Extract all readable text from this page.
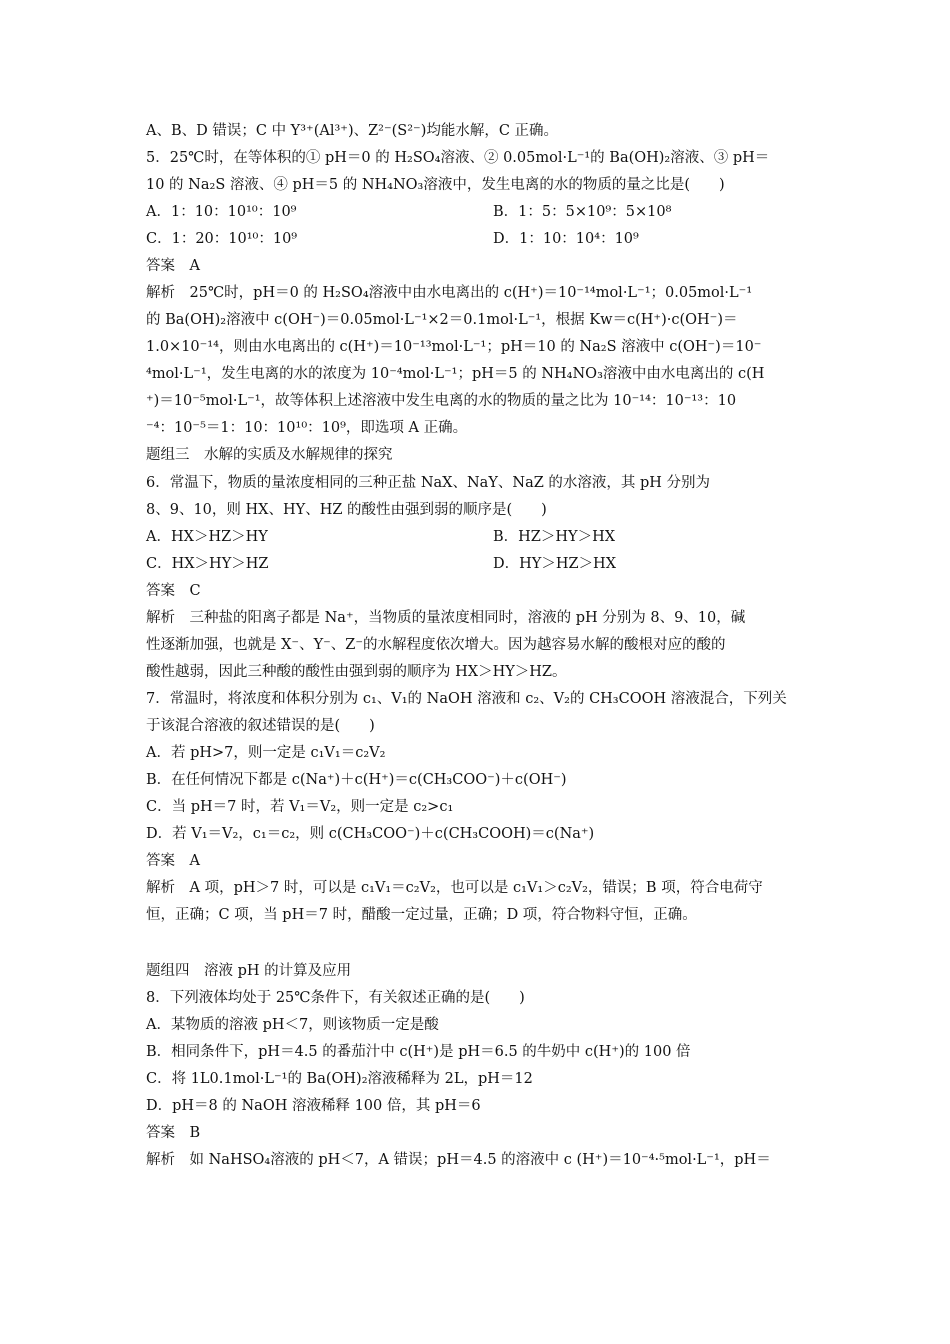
A、B、D 错误；C 中 Y³⁺(Al³⁺)、Z²⁻(S²⁻)均能水解，C 正确。
5．25℃时，在等体积的① pH＝0 的 H₂SO₄溶液、② 0.05mol·L⁻¹的 Ba(OH)₂溶液、③ pH＝
10 的 Na₂S 溶液、④ pH＝5 的 NH₄NO₃溶液中，发生电离的水的物质的量之比是(　　)
A．1：10：10¹⁰：10⁹	B．1：5：5×10⁹：5×10⁸
C．1：20：10¹⁰：10⁹	D．1：10：10⁴：10⁹
答案　A
解析　25℃时，pH＝0 的 H₂SO₄溶液中由水电离出的 c(H⁺)＝10⁻¹⁴mol·L⁻¹；0.05mol·L⁻¹
的 Ba(OH)₂溶液中 c(OH⁻)＝0.05mol·L⁻¹×2＝0.1mol·L⁻¹，根据 Kw＝c(H⁺)·c(OH⁻)＝
1.0×10⁻¹⁴，则由水电离出的 c(H⁺)＝10⁻¹³mol·L⁻¹；pH＝10 的 Na₂S 溶液中 c(OH⁻)＝10⁻
⁴mol·L⁻¹，发生电离的水的浓度为 10⁻⁴mol·L⁻¹；pH＝5 的 NH₄NO₃溶液中由水电离出的 c(H
⁺)＝10⁻⁵mol·L⁻¹，故等体积上述溶液中发生电离的水的物质的量之比为 10⁻¹⁴：10⁻¹³：10
⁻⁴：10⁻⁵＝1：10：10¹⁰：10⁹，即选项 A 正确。
题组三　水解的实质及水解规律的探究
6．常温下，物质的量浓度相同的三种正盐 NaX、NaY、NaZ 的水溶液，其 pH 分别为
8、9、10，则 HX、HY、HZ 的酸性由强到弱的顺序是(　　)
A．HX＞HZ＞HY	B．HZ＞HY＞HX
C．HX＞HY＞HZ	D．HY＞HZ＞HX
答案　C
解析　三种盐的阳离子都是 Na⁺，当物质的量浓度相同时，溶液的 pH 分别为 8、9、10，碱
性逐渐加强，也就是 X⁻、Y⁻、Z⁻的水解程度依次增大。因为越容易水解的酸根对应的酸的
酸性越弱，因此三种酸的酸性由强到弱的顺序为 HX＞HY＞HZ。
7．常温时，将浓度和体积分别为 c₁、V₁的 NaOH 溶液和 c₂、V₂的 CH₃COOH 溶液混合，下列关
于该混合溶液的叙述错误的是(　　)
A．若 pH>7，则一定是 c₁V₁＝c₂V₂
B．在任何情况下都是 c(Na⁺)＋c(H⁺)＝c(CH₃COO⁻)＋c(OH⁻)
C．当 pH＝7 时，若 V₁＝V₂，则一定是 c₂>c₁
D．若 V₁＝V₂，c₁＝c₂，则 c(CH₃COO⁻)＋c(CH₃COOH)＝c(Na⁺)
答案　A
解析　A 项，pH＞7 时，可以是 c₁V₁＝c₂V₂，也可以是 c₁V₁＞c₂V₂，错误；B 项，符合电荷守
恒，正确；C 项，当 pH＝7 时，醋酸一定过量，正确；D 项，符合物料守恒，正确。
题组四　溶液 pH 的计算及应用
8．下列液体均处于 25℃条件下，有关叙述正确的是(　　)
A．某物质的溶液 pH＜7，则该物质一定是酸
B．相同条件下，pH＝4.5 的番茄汁中 c(H⁺)是 pH＝6.5 的牛奶中 c(H⁺)的 100 倍
C．将 1L0.1mol·L⁻¹的 Ba(OH)₂溶液稀释为 2L，pH＝12
D．pH＝8 的 NaOH 溶液稀释 100 倍，其 pH＝6
答案　B
解析　如 NaHSO₄溶液的 pH＜7，A 错误；pH＝4.5 的溶液中 c (H⁺)＝10⁻⁴·⁵mol·L⁻¹，pH＝
